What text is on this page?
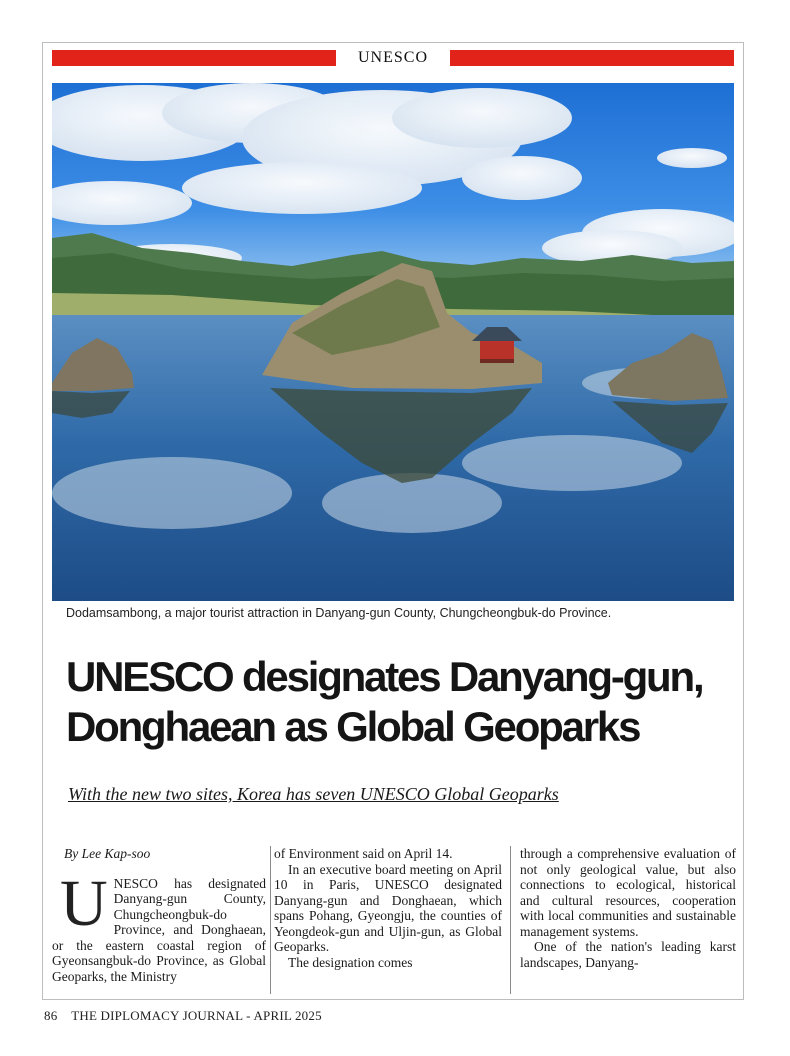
UNESCO
Dodamsambong, a major tourist attraction in Danyang-gun County, Chungcheongbuk-do Province.
UNESCO designates Danyang-gun,
Donghaean as Global Geoparks
With the new two sites, Korea has seven UNESCO Global Geoparks

By Lee Kap-soo

UNESCO has designated Danyang-gun County, Chungcheongbuk-do Province, and Donghaean, or the eastern coastal region of Gyeonsangbuk-do Province, as Global Geoparks, the Ministry

of Environment said on April 14.

In an executive board meeting on April 10 in Paris, UNESCO designated Danyang-gun and Donghaean, which spans Pohang, Gyeongju, the counties of Yeongdeok-gun and Uljin-gun, as Global Geoparks.

The designation comes

through a comprehensive evaluation of not only geological value, but also connections to ecological, historical and cultural resources, cooperation with local communities and sustainable management systems.

One of the nation's leading karst landscapes, Danyang-

86 THE DIPLOMACY JOURNAL - APRIL 2025
